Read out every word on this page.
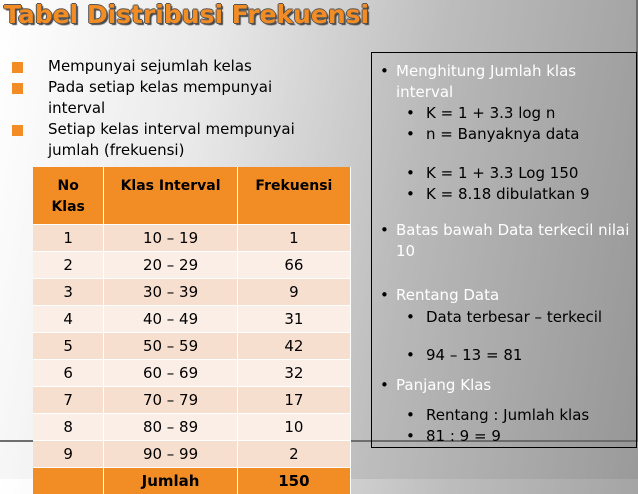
Tabel Distribusi Frekuensi
Mempunyai sejumlah kelas
Pada setiap kelas mempunyai interval
Setiap kelas interval mempunyai jumlah (frekuensi)
No Klas	Klas Interval	Frekuensi
1	10 – 19	1
2	20 – 29	66
3	30 – 39	9
4	40 – 49	31
5	50 – 59	42
6	60 – 69	32
7	70 – 79	17
8	80 – 89	10
9	90 – 99	2
	Jumlah	150
• Menghitung Jumlah klas interval
• K = 1 + 3.3 log n
• n = Banyaknya data
• K = 1 + 3.3 Log 150
• K = 8.18 dibulatkan 9
• Batas bawah Data terkecil nilai 10
• Rentang Data
• Data terbesar – terkecil
• 94 – 13 = 81
• Panjang Klas
• Rentang : Jumlah klas
• 81 : 9 = 9
